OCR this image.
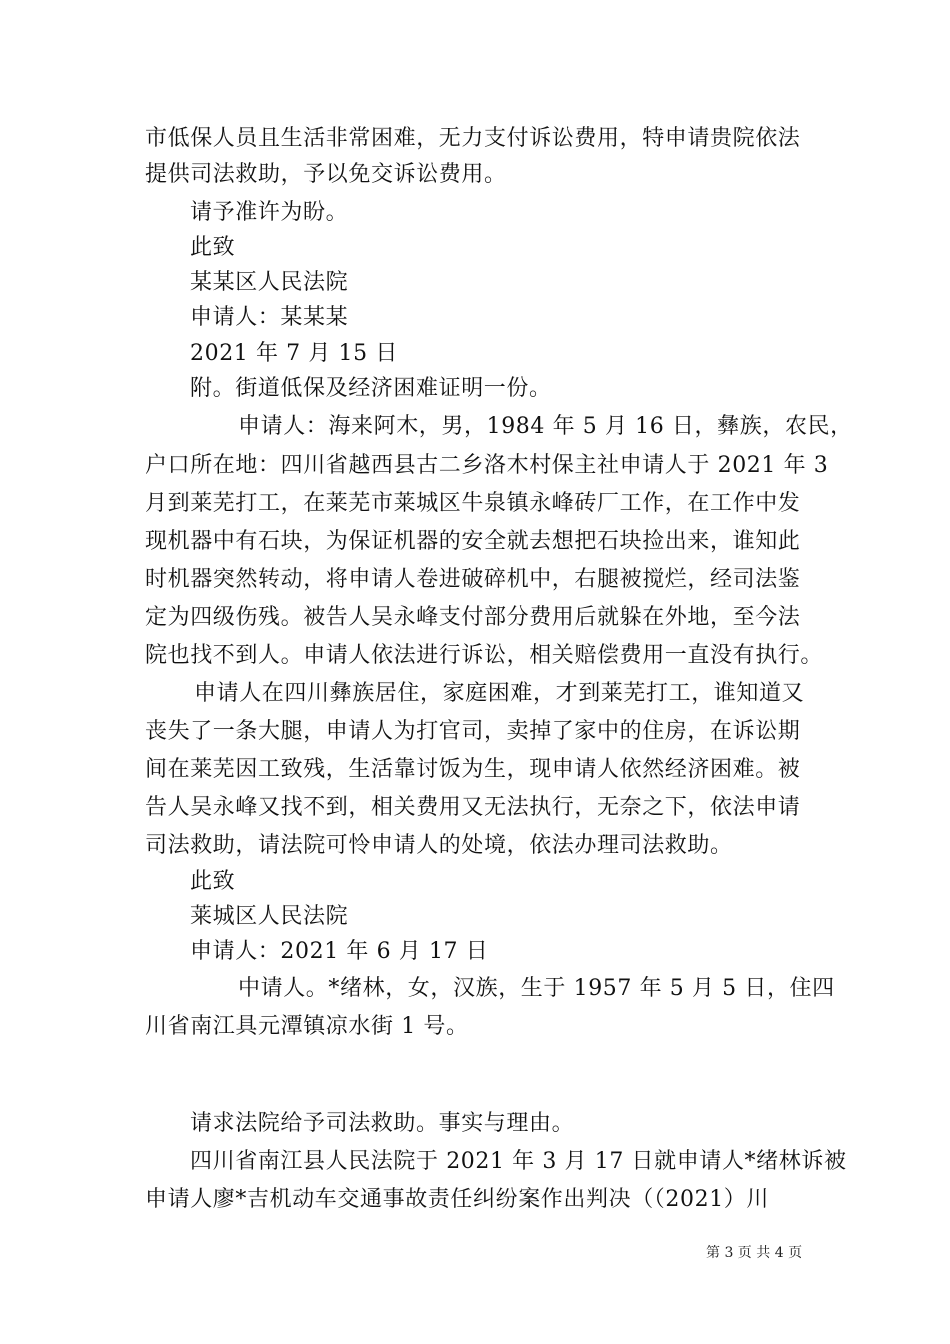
市低保人员且生活非常困难，无力支付诉讼费用，特申请贵院依法
提供司法救助，予以免交诉讼费用。
请予准许为盼。
此致
某某区人民法院
申请人：某某某
2021 年 7 月 15 日
附。街道低保及经济困难证明一份。
申请人：海来阿木，男，1984 年 5 月 16 日，彝族，农民，
户口所在地：四川省越西县古二乡洛木村保主社申请人于 2021 年 3
月到莱芜打工，在莱芜市莱城区牛泉镇永峰砖厂工作，在工作中发
现机器中有石块，为保证机器的安全就去想把石块捡出来，谁知此
时机器突然转动，将申请人卷进破碎机中，右腿被搅烂，经司法鉴
定为四级伤残。被告人吴永峰支付部分费用后就躲在外地，至今法
院也找不到人。申请人依法进行诉讼，相关赔偿费用一直没有执行。
申请人在四川彝族居住，家庭困难，才到莱芜打工，谁知道又
丧失了一条大腿，申请人为打官司，卖掉了家中的住房，在诉讼期
间在莱芜因工致残，生活靠讨饭为生，现申请人依然经济困难。被
告人吴永峰又找不到，相关费用又无法执行，无奈之下，依法申请
司法救助，请法院可怜申请人的处境，依法办理司法救助。
此致
莱城区人民法院
申请人：2021 年 6 月 17 日
中请人。*绪林，女，汉族，生于 1957 年 5 月 5 日，住四
川省南江具元潭镇凉水街 1 号。
请求法院给予司法救助。事实与理由。
四川省南江县人民法院于 2021 年 3 月 17 日就申请人*绪林诉被
申请人廖*吉机动车交通事故责任纠纷案作出判决（（2021）川
第 3 页 共 4 页
